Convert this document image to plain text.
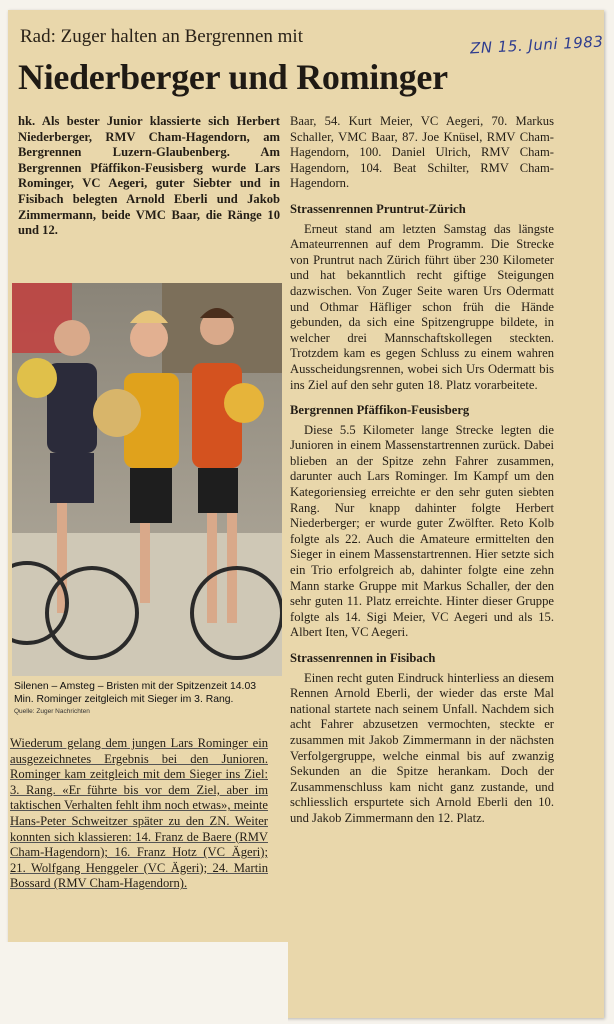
Rad: Zuger halten an Bergrennen mit	ZN 15. Juni 1983
Niederberger und Rominger

hk. Als bester Junior klassierte sich Herbert Niederberger, RMV Cham-Hagendorn, am Bergrennen Luzern-Glaubenberg. Am Bergrennen Pfäffikon-Feusisberg wurde Lars Rominger, VC Aegeri, guter Siebter und in Fisibach belegten Arnold Eberli und Jakob Zimmermann, beide VMC Baar, die Ränge 10 und 12.

Silenen – Amsteg – Bristen mit der Spitzenzeit 14.03 Min. Rominger zeitgleich mit Sieger im 3. Rang.
Quelle: Zuger Nachrichten

Wiederum gelang dem jungen Lars Rominger ein ausgezeichnetes Ergebnis bei den Junioren. Rominger kam zeitgleich mit dem Sieger ins Ziel: 3. Rang. «Er führte bis vor dem Ziel, aber im taktischen Verhalten fehlt ihm noch etwas», meinte Hans-Peter Schweitzer später zu den ZN. Weiter konnten sich klassieren: 14. Franz de Baere (RMV Cham-Hagendorn); 16. Franz Hotz (VC Ägeri); 21. Wolfgang Henggeler (VC Ägeri); 24. Martin Bossard (RMV Cham-Hagendorn).

Baar, 54. Kurt Meier, VC Aegeri, 70. Markus Schaller, VMC Baar, 87. Joe Knüsel, RMV Cham-Hagendorn, 100. Daniel Ulrich, RMV Cham-Hagendorn, 104. Beat Schilter, RMV Cham-Hagendorn.

Strassenrennen Pruntrut-Zürich

Erneut stand am letzten Samstag das längste Amateurrennen auf dem Programm. Die Strecke von Pruntrut nach Zürich führt über 230 Kilometer und hat bekanntlich recht giftige Steigungen dazwischen. Von Zuger Seite waren Urs Odermatt und Othmar Häfliger schon früh die Hände gebunden, da sich eine Spitzengruppe bildete, in welcher drei Mannschaftskollegen steckten. Trotzdem kam es gegen Schluss zu einem wahren Ausscheidungsrennen, wobei sich Urs Odermatt bis ins Ziel auf den sehr guten 18. Platz vorarbeitete.

Bergrennen Pfäffikon-Feusisberg

Diese 5.5 Kilometer lange Strecke legten die Junioren in einem Massenstartrennen zurück. Dabei blieben an der Spitze zehn Fahrer zusammen, darunter auch Lars Rominger. Im Kampf um den Kategoriensieg erreichte er den sehr guten siebten Rang. Nur knapp dahinter folgte Herbert Niederberger; er wurde guter Zwölfter. Reto Kolb folgte als 22. Auch die Amateure ermittelten den Sieger in einem Massenstartrennen. Hier setzte sich ein Trio erfolgreich ab, dahinter folgte eine zehn Mann starke Gruppe mit Markus Schaller, der den sehr guten 11. Platz erreichte. Hinter dieser Gruppe folgte als 14. Sigi Meier, VC Aegeri und als 15. Albert Iten, VC Aegeri.

Strassenrennen in Fisibach

Einen recht guten Eindruck hinterliess an diesem Rennen Arnold Eberli, der wieder das erste Mal national startete nach seinem Unfall. Nachdem sich acht Fahrer abzusetzen vermochten, steckte er zusammen mit Jakob Zimmermann in der nächsten Verfolgergruppe, welche einmal bis auf zwanzig Sekunden an die Spitze herankam. Doch der Zusammenschluss kam nicht ganz zustande, und schliesslich erspurtete sich Arnold Eberli den 10. und Jakob Zimmermann den 12. Platz.
